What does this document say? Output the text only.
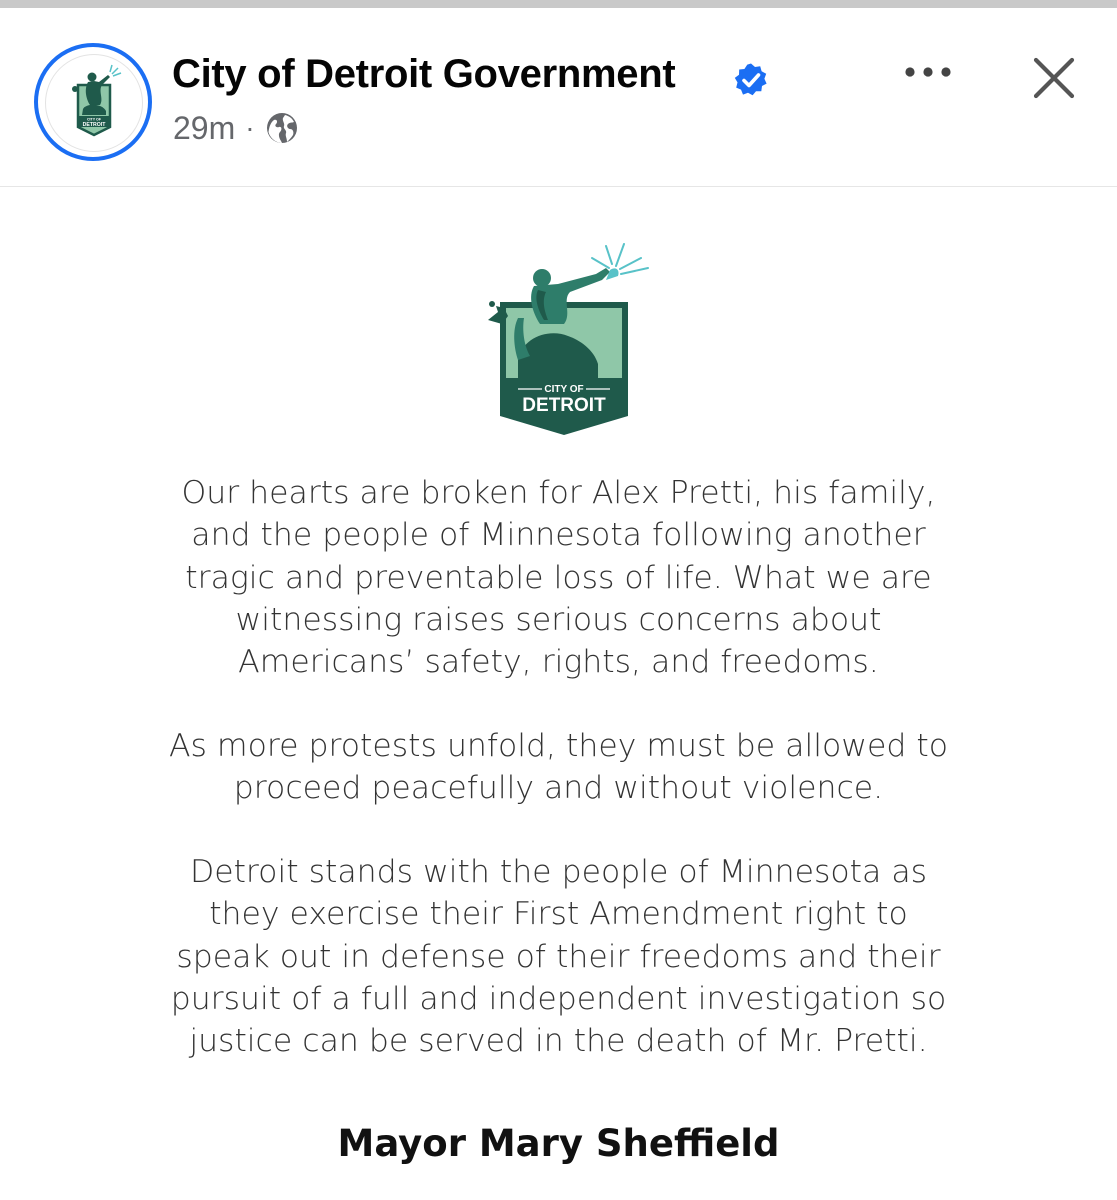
CITY OF
DETROIT
City of Detroit Government
29m ·
CITY OF
DETROIT

Our hearts are broken for Alex Pretti, his family,
and the people of Minnesota following another
tragic and preventable loss of life. What we are
witnessing raises serious concerns about
Americans’ safety, rights, and freedoms.

As more protests unfold, they must be allowed to
proceed peacefully and without violence.

Detroit stands with the people of Minnesota as
they exercise their First Amendment right to
speak out in defense of their freedoms and their
pursuit of a full and independent investigation so
justice can be served in the death of Mr. Pretti.

Mayor Mary Sheffield
